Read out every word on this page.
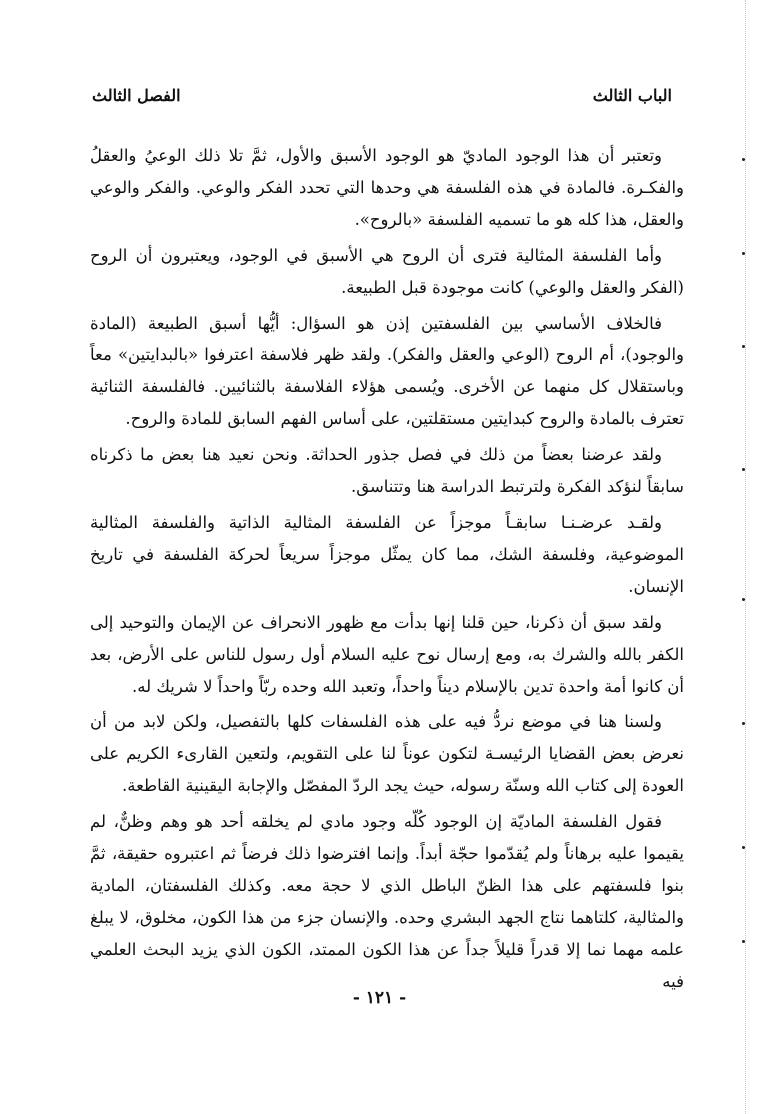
الباب الثالث
الفصل الثالث

وتعتبر أن هذا الوجود الماديّ هو الوجود الأسبق والأول، ثمَّ تلا ذلك الوعيُ والعقلُ والفكـرة. فالمادة في هذه الفلسفة هي وحدها التي تحدد الفكر والوعي. والفكر والوعي والعقل، هذا كله هو ما تسميه الفلسفة «بالروح».

وأما الفلسفة المثالية فترى أن الروح هي الأسبق في الوجود، ويعتبرون أن الروح (الفكر والعقل والوعي) كانت موجودة قبل الطبيعة.

فالخلاف الأساسي بين الفلسفتين إذن هو السؤال: أيُّها أسبق الطبيعة (المادة والوجود)، أم الروح (الوعي والعقل والفكر). ولقد ظهر فلاسفة اعترفوا «بالبدايتين» معاً وباستقلال كل منهما عن الأخرى. ويُسمى هؤلاء الفلاسفة بالثنائيين. فالفلسفة الثنائية تعترف بالمادة والروح كبدايتين مستقلتين، على أساس الفهم السابق للمادة والروح.

ولقد عرضنا بعضاً من ذلك في فصل جذور الحداثة. ونحن نعيد هنا بعض ما ذكرناه سابقاً لنؤكد الفكرة ولترتبط الدراسة هنا وتتناسق.

ولقـد عرضـنـا سابقـاً موجزاً عن الفلسفة المثالية الذاتية والفلسفة المثالية الموضوعية، وفلسفة الشك، مما كان يمثّل موجزاً سريعاً لحركة الفلسفة في تاريخ الإنسان.

ولقد سبق أن ذكرنا، حين قلنا إنها بدأت مع ظهور الانحراف عن الإيمان والتوحيد إلى الكفر بالله والشرك به، ومع إرسال نوح عليه السلام أول رسول للناس على الأرض، بعد أن كانوا أمة واحدة تدين بالإسلام ديناً واحداً، وتعبد الله وحده ربّاً واحداً لا شريك له.

ولسنا هنا في موضع نردُّ فيه على هذه الفلسفات كلها بالتفصيل، ولكن لابد من أن نعرض بعض القضايا الرئيسـة لتكون عوناً لنا على التقويم، ولتعين القارىء الكريم على العودة إلى كتاب الله وسنّة رسوله، حيث يجد الردّ المفصّل والإجابة اليقينية القاطعة.

فقول الفلسفة الماديّة إن الوجود كُلّه وجود مادي لم يخلقه أحد هو وهم وظنٌّ، لم يقيموا عليه برهاناً ولم يُقدّموا حجّة أبداً. وإنما افترضوا ذلك فرضاً ثم اعتبروه حقيقة، ثمَّ بنوا فلسفتهم على هذا الظنّ الباطل الذي لا حجة معه. وكذلك الفلسفتان، المادية والمثالية، كلتاهما نتاج الجهد البشري وحده. والإنسان جزء من هذا الكون، مخلوق، لا يبلغ علمه مهما نما إلا قدراً قليلاً جداً عن هذا الكون الممتد، الكون الذي يزيد البحث العلمي فيه

- ١٢١ -
